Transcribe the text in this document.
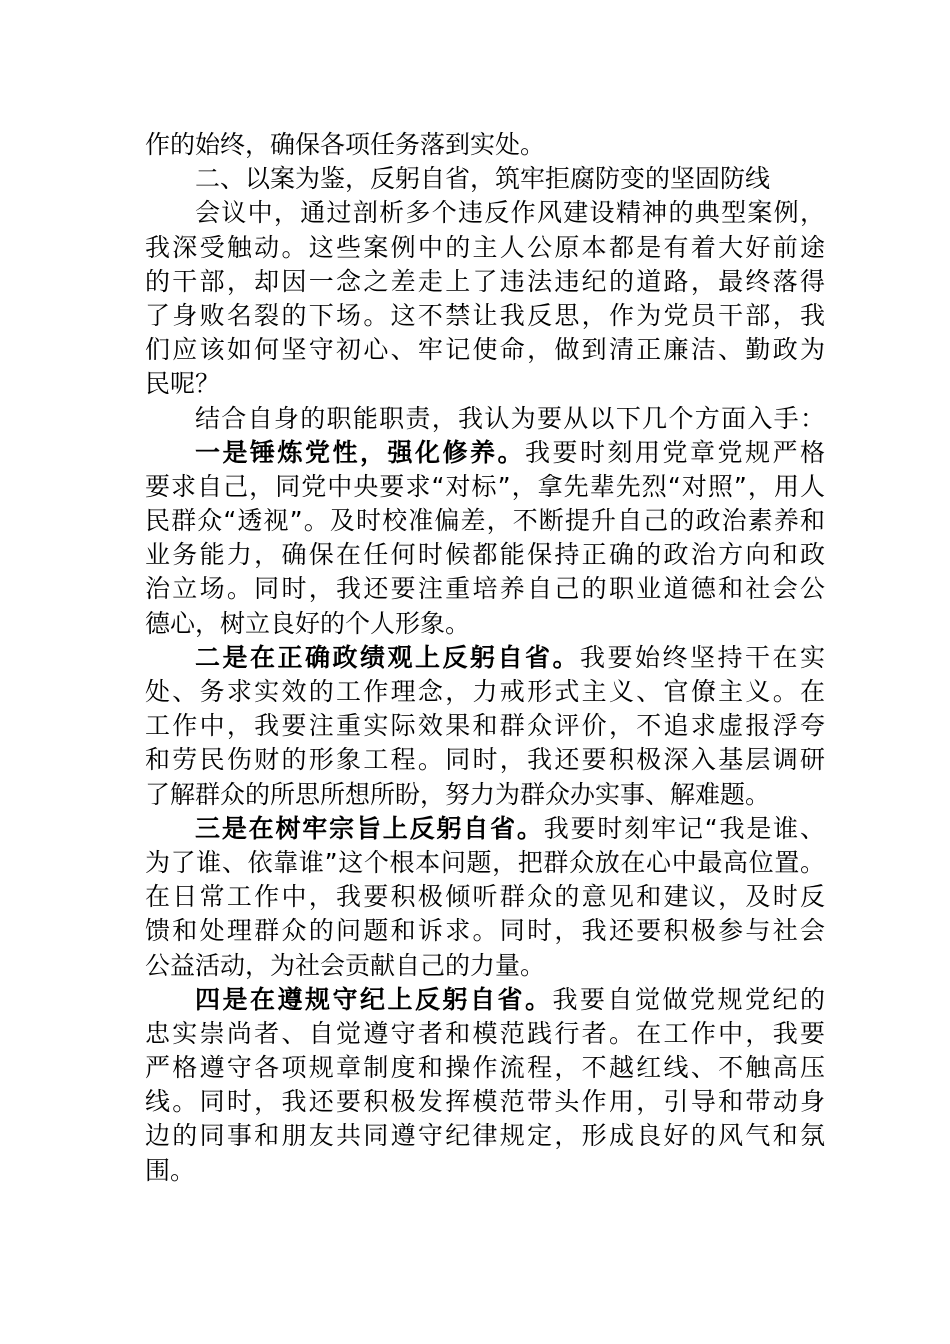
作的始终，确保各项任务落到实处。
二、以案为鉴，反躬自省，筑牢拒腐防变的坚固防线
会议中，通过剖析多个违反作风建设精神的典型案例，
我深受触动。这些案例中的主人公原本都是有着大好前途
的干部，却因一念之差走上了违法违纪的道路，最终落得
了身败名裂的下场。这不禁让我反思，作为党员干部，我
们应该如何坚守初心、牢记使命，做到清正廉洁、勤政为
民呢？
结合自身的职能职责，我认为要从以下几个方面入手：
一是锤炼党性，强化修养。我要时刻用党章党规严格
要求自己，同党中央要求“对标”，拿先辈先烈“对照”，用人
民群众“透视”。及时校准偏差，不断提升自己的政治素养和
业务能力，确保在任何时候都能保持正确的政治方向和政
治立场。同时，我还要注重培养自己的职业道德和社会公
德心，树立良好的个人形象。
二是在正确政绩观上反躬自省。我要始终坚持干在实
处、务求实效的工作理念，力戒形式主义、官僚主义。在
工作中，我要注重实际效果和群众评价，不追求虚报浮夸
和劳民伤财的形象工程。同时，我还要积极深入基层调研
了解群众的所思所想所盼，努力为群众办实事、解难题。
三是在树牢宗旨上反躬自省。我要时刻牢记“我是谁、
为了谁、依靠谁”这个根本问题，把群众放在心中最高位置。
在日常工作中，我要积极倾听群众的意见和建议，及时反
馈和处理群众的问题和诉求。同时，我还要积极参与社会
公益活动，为社会贡献自己的力量。
四是在遵规守纪上反躬自省。我要自觉做党规党纪的
忠实崇尚者、自觉遵守者和模范践行者。在工作中，我要
严格遵守各项规章制度和操作流程，不越红线、不触高压
线。同时，我还要积极发挥模范带头作用，引导和带动身
边的同事和朋友共同遵守纪律规定，形成良好的风气和氛
围。
